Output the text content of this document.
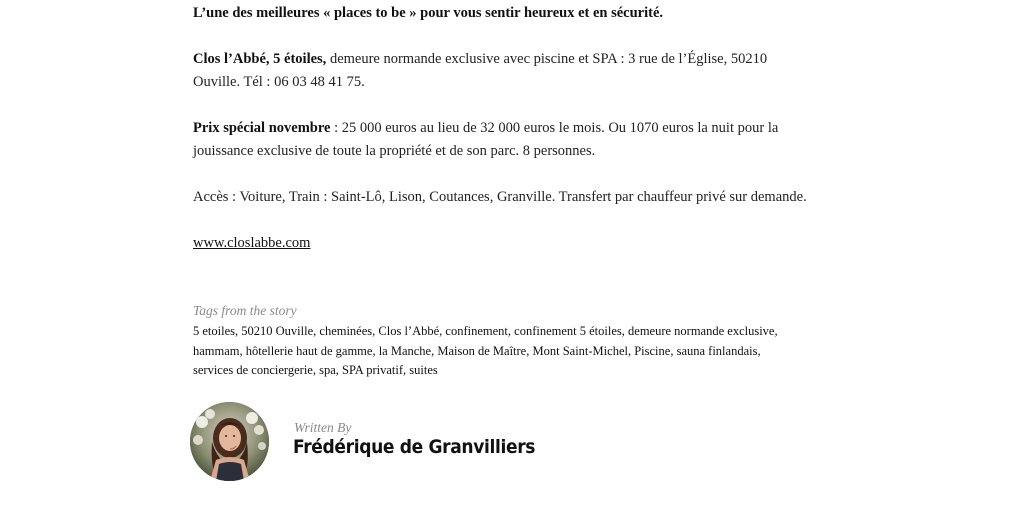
L’une des meilleures « places to be » pour vous sentir heureux et en sécurité.

Clos l’Abbé, 5 étoiles, demeure normande exclusive avec piscine et SPA : 3 rue de l’Église, 50210 Ouville. Tél : 06 03 48 41 75.

Prix spécial novembre : 25 000 euros au lieu de 32 000 euros le mois. Ou 1070 euros la nuit pour la jouissance exclusive de toute la propriété et de son parc. 8 personnes.

Accès : Voiture, Train : Saint-Lô, Lison, Coutances, Granville. Transfert par chauffeur privé sur demande.

www.closlabbe.com

Tags from the story

5 etoiles, 50210 Ouville, cheminées, Clos l’Abbé, confinement, confinement 5 étoiles, demeure normande exclusive, hammam, hôtellerie haut de gamme, la Manche, Maison de Maître, Mont Saint-Michel, Piscine, sauna finlandais, services de conciergerie, spa, SPA privatif, suites

Written By

Frédérique de Granvilliers
